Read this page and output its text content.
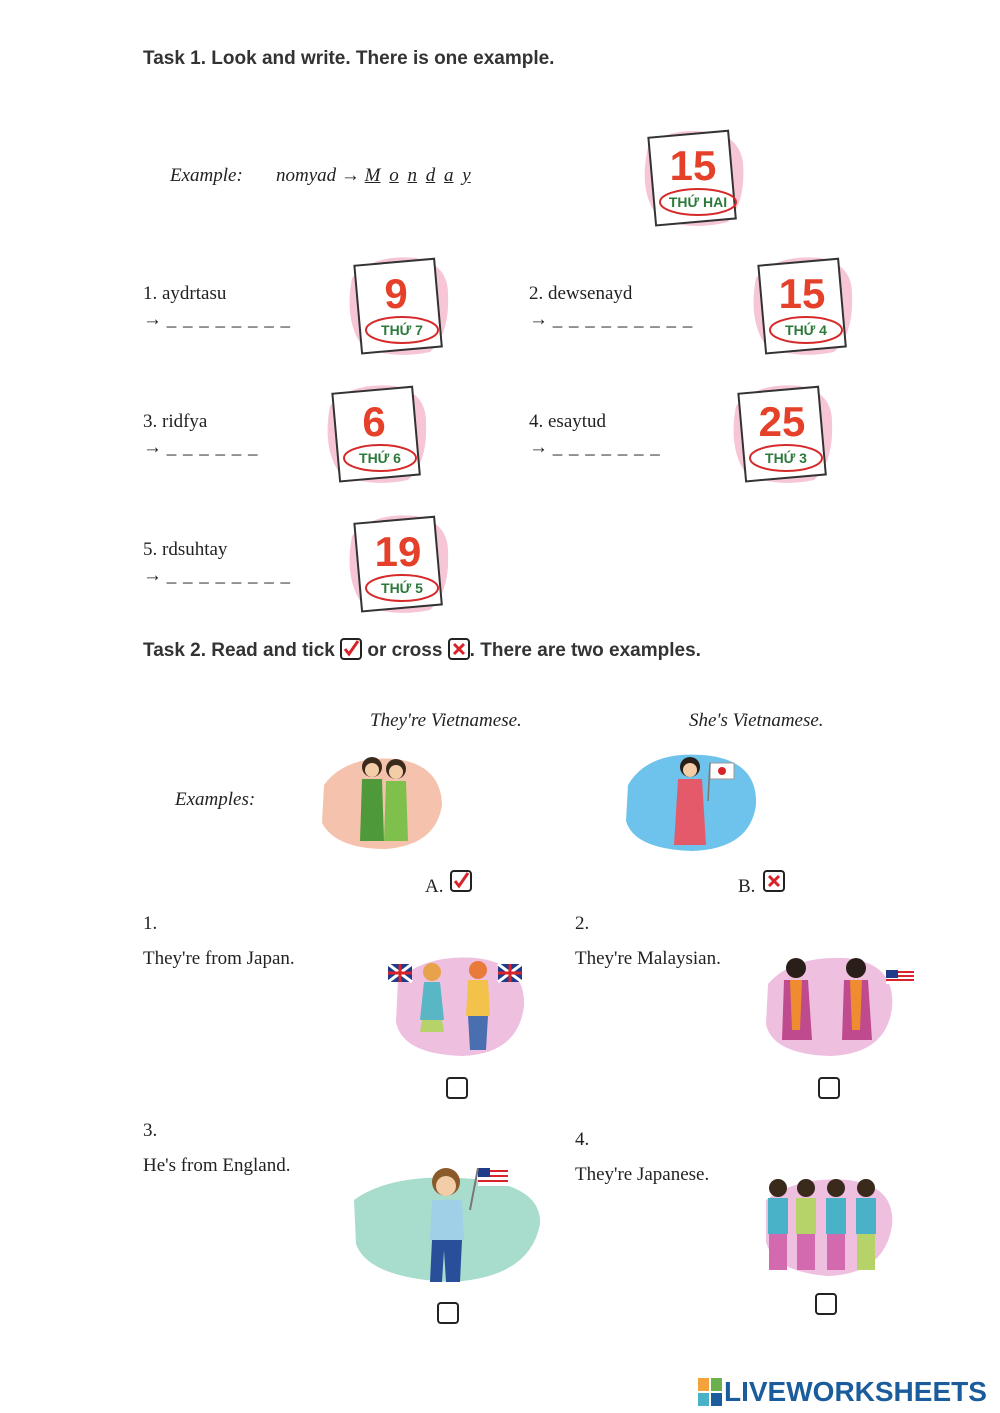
Task 1. Look and write. There is one example.
Example: nomyad → M o n d a y	15
THỨ HAI
1. aydrtasu
→ _ _ _ _ _ _ _ _
9
THỨ 7
2. dewsenayd
→ _ _ _ _ _ _ _ _ _
15
THỨ 4
3. ridfya
→ _ _ _ _ _ _
6
THỨ 6
4. esaytud
→ _ _ _ _ _ _ _
25
THỨ 3
5. rdsuhtay
→ _ _ _ _ _ _ _ _
19
THỨ 5
Task 2. Read and tick or cross . There are two examples.
They're Vietnamese.	She's Vietnamese.
Examples:
A.	B.
1.
They're from Japan.
2.
They're Malaysian.
3.
He's from England.
4.
They're Japanese.
LIVEWORKSHEETS
